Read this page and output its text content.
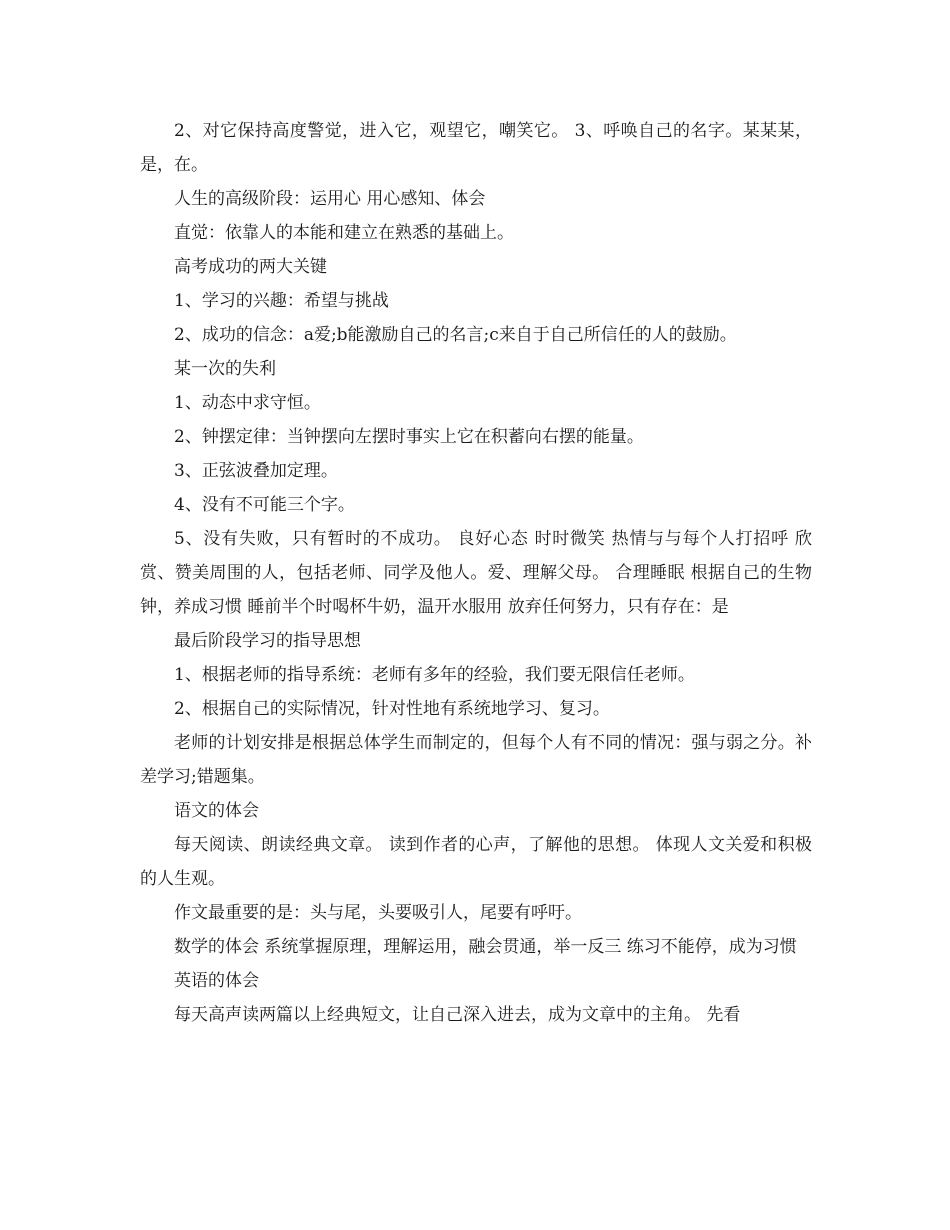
2、对它保持高度警觉，进入它，观望它，嘲笑它。 3、呼唤自己的名字。某某某，是，在。

人生的高级阶段：运用心 用心感知、体会

直觉：依靠人的本能和建立在熟悉的基础上。

高考成功的两大关键

1、学习的兴趣：希望与挑战

2、成功的信念：a爱;b能激励自己的名言;c来自于自己所信任的人的鼓励。

某一次的失利

1、动态中求守恒。

2、钟摆定律：当钟摆向左摆时事实上它在积蓄向右摆的能量。

3、正弦波叠加定理。

4、没有不可能三个字。

5、没有失败，只有暂时的不成功。 良好心态 时时微笑 热情与与每个人打招呼 欣赏、赞美周围的人，包括老师、同学及他人。爱、理解父母。 合理睡眠 根据自己的生物钟，养成习惯 睡前半个时喝杯牛奶，温开水服用 放弃任何努力，只有存在：是

最后阶段学习的指导思想

1、根据老师的指导系统：老师有多年的经验，我们要无限信任老师。

2、根据自己的实际情况，针对性地有系统地学习、复习。

老师的计划安排是根据总体学生而制定的，但每个人有不同的情况：强与弱之分。补差学习;错题集。

语文的体会

每天阅读、朗读经典文章。 读到作者的心声，了解他的思想。 体现人文关爱和积极的人生观。

作文最重要的是：头与尾，头要吸引人，尾要有呼吁。

数学的体会 系统掌握原理，理解运用，融会贯通，举一反三 练习不能停，成为习惯

英语的体会

每天高声读两篇以上经典短文，让自己深入进去，成为文章中的主角。 先看
